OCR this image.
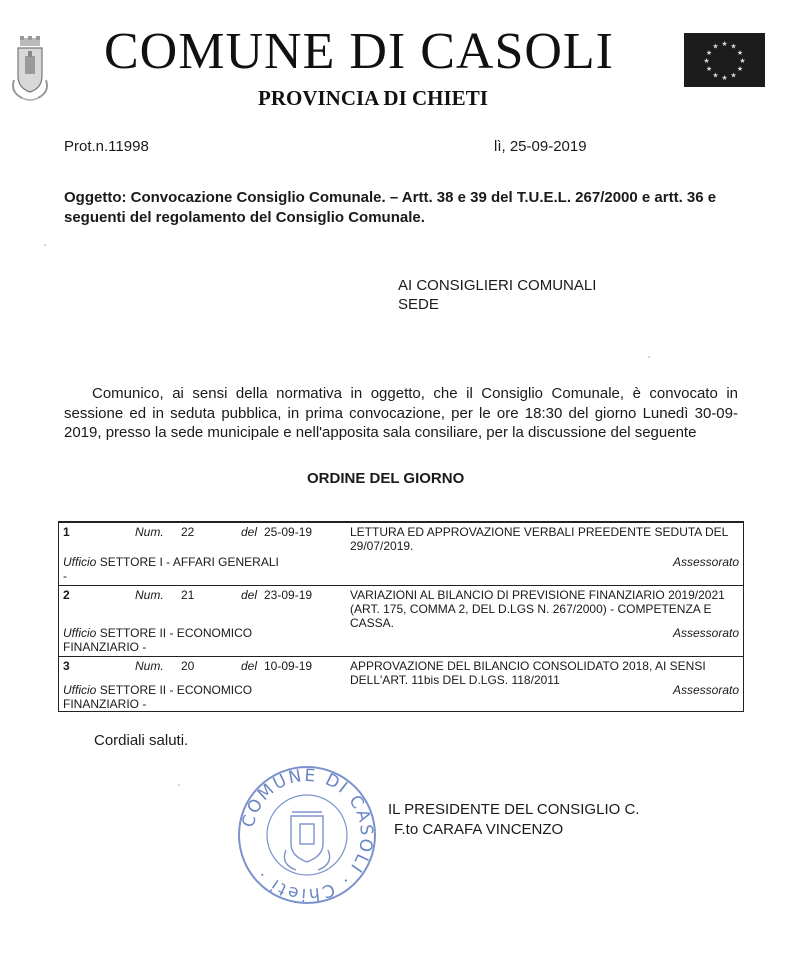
COMUNE DI CASOLI	★ ★
★
★
★
★
★
★
★
★
★
★
PROVINCIA DI CHIETI
Prot.n.11998	lì, 25-09-2019
Oggetto: Convocazione Consiglio Comunale. – Artt. 38 e 39 del T.U.E.L. 267/2000 e artt. 36 e seguenti del regolamento del Consiglio Comunale.
AI CONSIGLIERI COMUNALI
SEDE
Comunico, ai sensi della normativa in oggetto, che il Consiglio Comunale, è convocato in sessione ed in seduta pubblica, in prima convocazione, per le ore 18:30 del giorno Lunedì 30-09-2019, presso la sede municipale e nell'apposita sala consiliare, per la discussione del seguente
ORDINE DEL GIORNO
1	Num. 22	del 25-09-19	LETTURA ED APPROVAZIONE VERBALI PREEDENTE SEDUTA DEL 29/07/2019.
Ufficio SETTORE I - AFFARI GENERALI -
Assessorato
2	Num. 21	del 23-09-19	VARIAZIONI AL BILANCIO DI PREVISIONE FINANZIARIO 2019/2021 (ART. 175, COMMA 2, DEL D.LGS N. 267/2000) - COMPETENZA E CASSA.
Ufficio SETTORE II - ECONOMICO FINANZIARIO -
Assessorato
3	Num. 20	del 10-09-19	APPROVAZIONE DEL BILANCIO CONSOLIDATO 2018, AI SENSI DELL'ART. 11bis DEL D.LGS. 118/2011
Ufficio SETTORE II - ECONOMICO FINANZIARIO -
Assessorato
Cordiali saluti.
COMUNE DI CASOLI · Chieti ·
IL PRESIDENTE DEL CONSIGLIO C.
F.to CARAFA VINCENZO
